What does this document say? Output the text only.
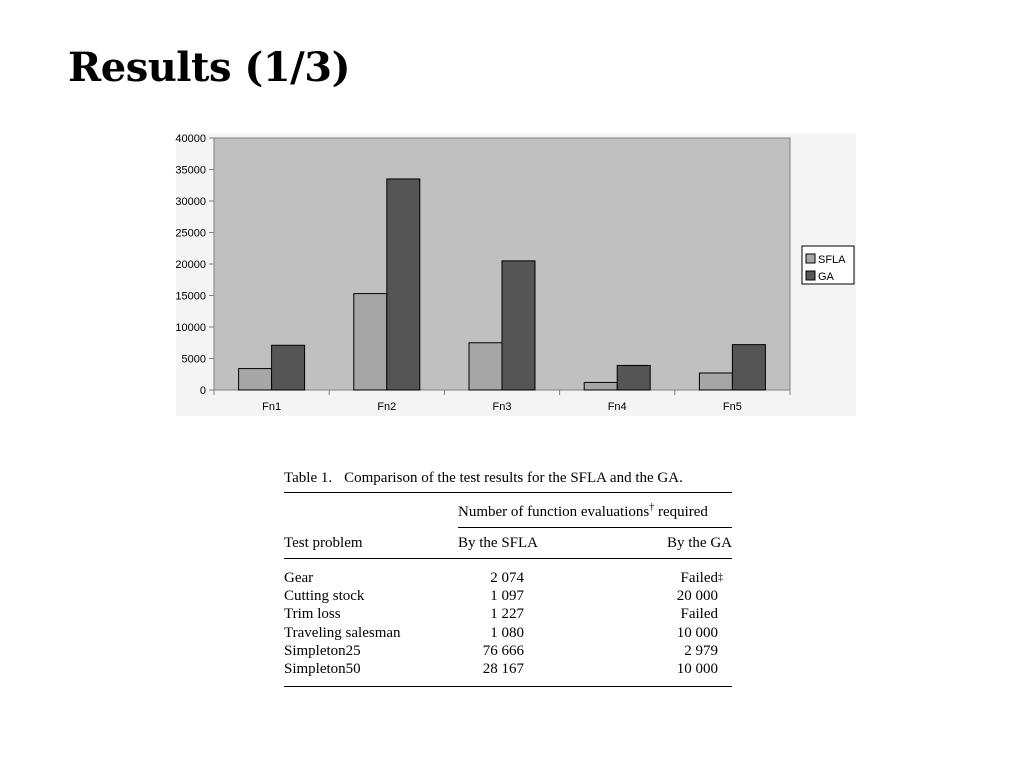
Results (1/3)
0
5000
10000
15000
20000
25000
30000
35000
40000
Fn1	Fn2	Fn3	Fn4	Fn5
SFLA
GA
Table 1. Comparison of the test results for the SFLA and the GA.
Number of function evaluations† required
Test problem	By the SFLA	By the GA
Gear	2 074	Failed ‡
Cutting stock	1 097	20 000
Trim loss	1 227	Failed
Traveling salesman	1 080	10 000
Simpleton25	76 666	2 979
Simpleton50	28 167	10 000
